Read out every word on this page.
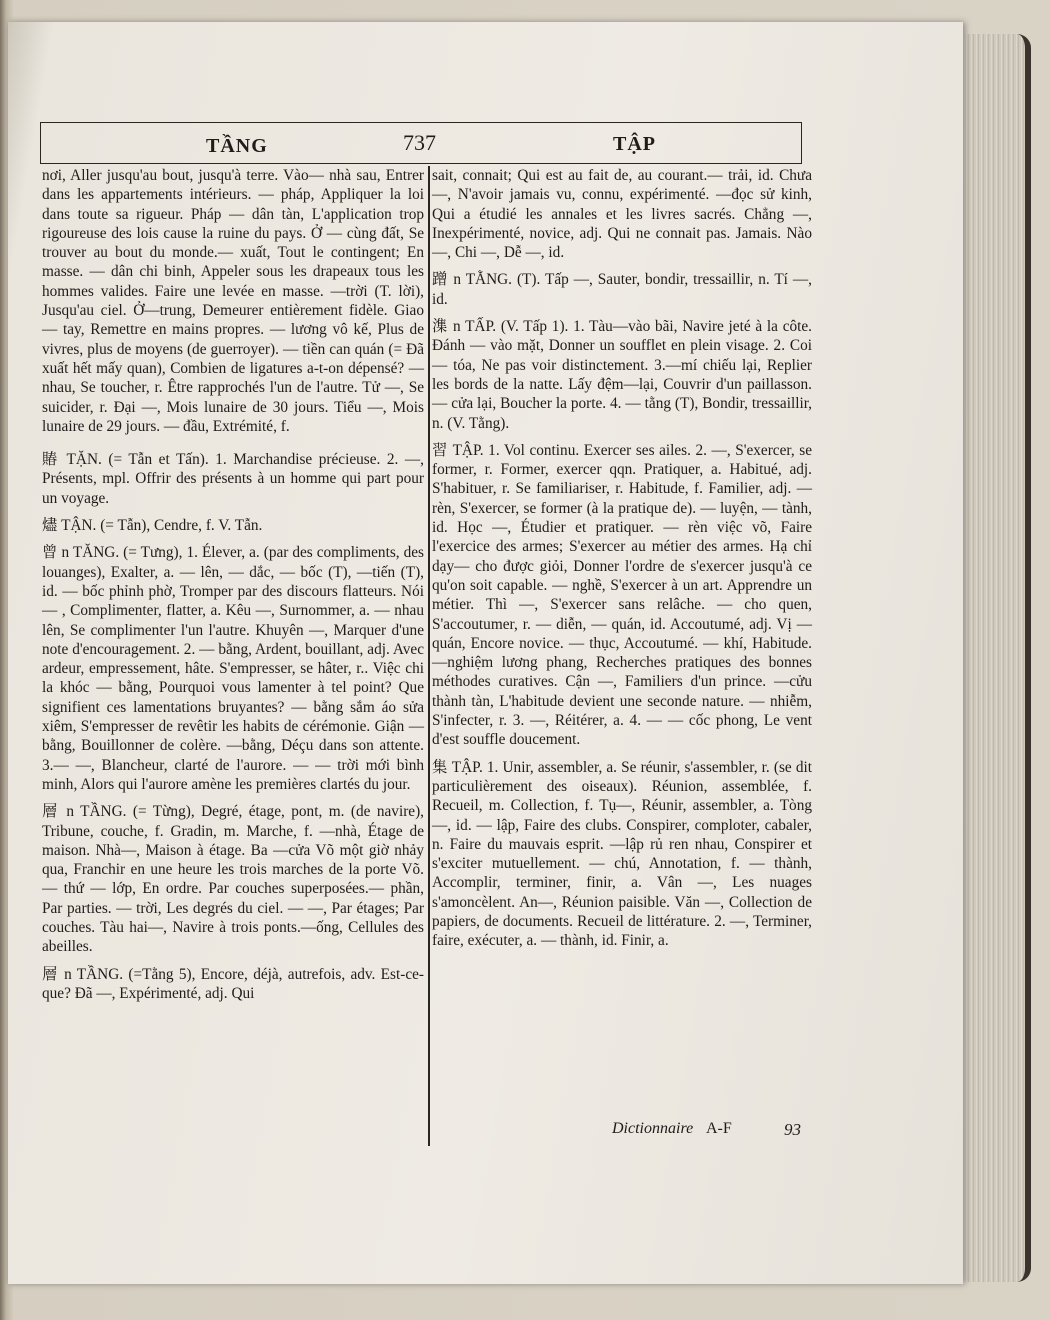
TẦNG	737	TẬP

nơi, Aller jusqu'au bout, jusqu'à terre. Vào— nhà sau, Entrer dans les appartements intérieurs. — pháp, Appliquer la loi dans toute sa rigueur. Pháp — dân tàn, L'application trop rigoureuse des lois cause la ruine du pays. Ở — cùng đất, Se trouver au bout du monde.— xuất, Tout le contingent; En masse. — dân chi binh, Appeler sous les drapeaux tous les hommes valides. Faire une levée en masse. —trời (T. lời), Jusqu'au ciel. Ở—trung, Demeurer entièrement fidèle. Giao — tay, Remettre en mains propres. — lương vô kế, Plus de vivres, plus de moyens (de guerroyer). — tiền can quán (= Đã xuất hết mấy quan), Combien de ligatures a-t-on dépensé? — nhau, Se toucher, r. Être rapprochés l'un de l'autre. Tử —, Se suicider, r. Đại —, Mois lunaire de 30 jours. Tiểu —, Mois lunaire de 29 jours. — đầu, Extrémité, f.

賰 TẶN. (= Tẫn et Tấn). 1. Marchandise précieuse. 2. —, Présents, mpl. Offrir des présents à un homme qui part pour un voyage.

燼 TẬN. (= Tẫn), Cendre, f. V. Tẫn.

曾 n TĂNG. (= Tưng), 1. Élever, a. (par des compliments, des louanges), Exalter, a. — lên, — dắc, — bốc (T), —tiến (T), id. — bốc phỉnh phờ, Tromper par des discours flatteurs. Nói — , Complimenter, flatter, a. Kêu —, Surnommer, a. — nhau lên, Se complimenter l'un l'autre. Khuyên —, Marquer d'une note d'encouragement. 2. — bằng, Ardent, bouillant, adj. Avec ardeur, empressement, hâte. S'empresser, se hâter, r.. Việc chi la khóc — bằng, Pourquoi vous lamenter à tel point? Que signifient ces lamentations bruyantes? — bằng sắm áo sửa xiêm, S'empresser de revêtir les habits de cérémonie. Giận — bằng, Bouillonner de colère. —bằng, Déçu dans son attente. 3.— —, Blancheur, clarté de l'aurore. — — trời mới bình minh, Alors qui l'aurore amène les premières clartés du jour.

層 n TẦNG. (= Từng), Degré, étage, pont, m. (de navire), Tribune, couche, f. Gradin, m. Marche, f. —nhà, Étage de maison. Nhà—, Maison à étage. Ba —cửa Võ một giờ nhảy qua, Franchir en une heure les trois marches de la porte Võ. — thứ — lớp, En ordre. Par couches superposées.— phần, Par parties. — trời, Les degrés du ciel. — —, Par étages; Par couches. Tàu hai—, Navire à trois ponts.—ống, Cellules des abeilles.

層 n TẦNG. (=Tằng 5), Encore, déjà, autrefois, adv. Est-ce-que? Đã —, Expérimenté, adj. Qui

sait, connait; Qui est au fait de, au courant.— trải, id. Chưa —, N'avoir jamais vu, connu, expérimenté. —đọc sử kinh, Qui a étudié les annales et les livres sacrés. Chẳng —, Inexpérimenté, novice, adj. Qui ne connait pas. Jamais. Nào —, Chi —, Dễ —, id.

蹭 n TẰNG. (T). Tấp —, Sauter, bondir, tressaillir, n. Tí —, id.

潗 n TẤP. (V. Tấp 1). 1. Tàu—vào bãi, Navire jeté à la côte. Đánh — vào mặt, Donner un soufflet en plein visage. 2. Coi — tóa, Ne pas voir distinctement. 3.—mí chiếu lại, Replier les bords de la natte. Lấy đệm—lại, Couvrir d'un paillasson. — cửa lại, Boucher la porte. 4. — tằng (T), Bondir, tressaillir, n. (V. Tằng).

習 TẬP. 1. Vol continu. Exercer ses ailes. 2. —, S'exercer, se former, r. Former, exercer qqn. Pratiquer, a. Habitué, adj. S'habituer, r. Se familiariser, r. Habitude, f. Familier, adj. — rèn, S'exercer, se former (à la pratique de). — luyện, — tành, id. Học —, Étudier et pratiquer. — rèn việc võ, Faire l'exercice des armes; S'exercer au métier des armes. Hạ chỉ dạy— cho được giỏi, Donner l'ordre de s'exercer jusqu'à ce qu'on soit capable. — nghề, S'exercer à un art. Apprendre un métier. Thì —, S'exercer sans relâche. — cho quen, S'accoutumer, r. — diễn, — quán, id. Accoutumé, adj. Vị — quán, Encore novice. — thục, Accoutumé. — khí, Habitude. —nghiệm lương phang, Recherches pratiques des bonnes méthodes curatives. Cận —, Familiers d'un prince. —cửu thành tàn, L'habitude devient une seconde nature. — nhiễm, S'infecter, r. 3. —, Réitérer, a. 4. — — cốc phong, Le vent d'est souffle doucement.

集 TẬP. 1. Unir, assembler, a. Se réunir, s'assembler, r. (se dit particulièrement des oiseaux). Réunion, assemblée, f. Recueil, m. Collection, f. Tụ—, Réunir, assembler, a. Tòng —, id. — lập, Faire des clubs. Conspirer, comploter, cabaler, n. Faire du mauvais esprit. —lập rủ ren nhau, Conspirer et s'exciter mutuellement. — chú, Annotation, f. — thành, Accomplir, terminer, finir, a. Vân —, Les nuages s'amoncèlent. An—, Réunion paisible. Văn —, Collection de papiers, de documents. Recueil de littérature. 2. —, Terminer, faire, exécuter, a. — thành, id. Finir, a.

Dictionnaire A-F	93
